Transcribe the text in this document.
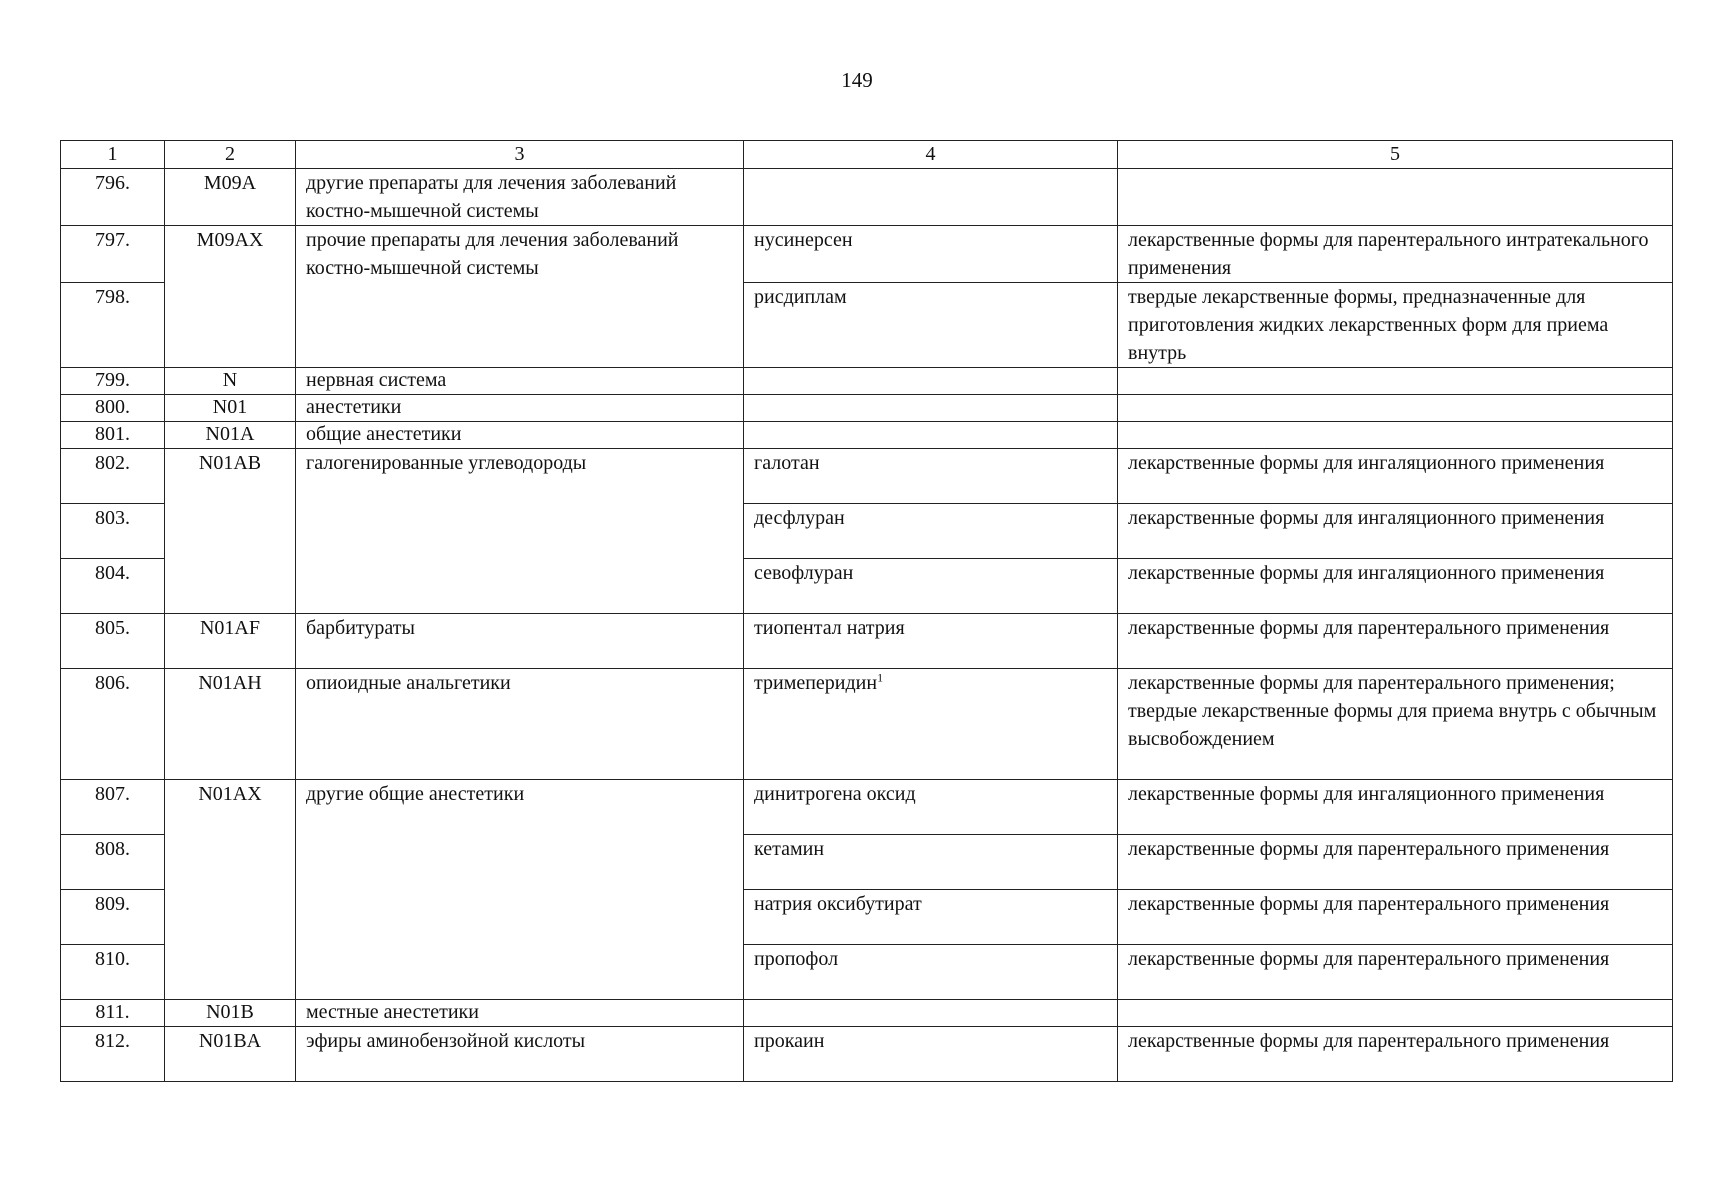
149
1	2	3	4	5
796.	M09A	другие препараты для лечения заболеваний костно-мышечной системы		
797.	M09AX	прочие препараты для лечения заболеваний костно-мышечной системы	нусинерсен	лекарственные формы для парентерального интратекального применения
798.			рисдиплам	твердые лекарственные формы, предназначенные для приготовления жидких лекарственных форм для приема внутрь
799.	N	нервная система		
800.	N01	анестетики		
801.	N01A	общие анестетики		
802.	N01AB	галогенированные углеводороды	галотан	лекарственные формы для ингаляционного применения
803.			десфлуран	лекарственные формы для ингаляционного применения
804.			севофлуран	лекарственные формы для ингаляционного применения
805.	N01AF	барбитураты	тиопентал натрия	лекарственные формы для парентерального применения
806.	N01AH	опиоидные анальгетики	тримеперидин$^1$	лекарственные формы для парентерального применения;
твердые лекарственные формы для приема внутрь с обычным высвобождением

807.	N01AX	другие общие анестетики	динитрогена оксид	лекарственные формы для ингаляционного применения
808.			кетамин	лекарственные формы для парентерального применения
809.			натрия оксибутират	лекарственные формы для парентерального применения
810.			пропофол	лекарственные формы для парентерального применения
811.	N01B	местные анестетики		
812.	N01BA	эфиры аминобензойной кислоты	прокаин	лекарственные формы для парентерального применения
